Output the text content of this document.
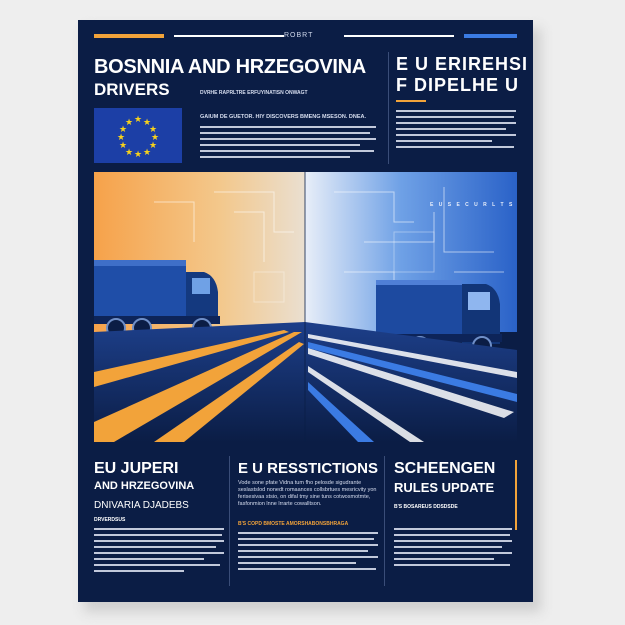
ROBRT
BOSNNIA AND HRZEGOVINA
DRIVERS	DVRHE RAPRLTRE ERFUYINATISN ONWAGT
★ ★
★
★
★
★
★
★
★
★
★
★	GAIUM DE GUETOR. HIY DISCOVERS BMENG MSESON. DNEA.
E U ERIREHSI
F DIPELHE U
E U S E C U R L T S
EU JUPERI
AND HRZEGOVINA
DNIVARIA DJADEBS
DRVERDSUS
E U RESSTICTIONS
Vode sone pfate Vidna tum fho pelosde sigudrante seslastslod nonedt romaances collsbrtues mesricvity yon ferisesivaa stsio, on difal tmy sine tuns cotwosmotmte, fasfonmion lnne lrrarte cowalltson.
B'S COPD BMOSTE AMORSHABONSBHRAGA
SCHEENGEN
RULES UPDATE
B'S BOSAREUS DDSDSDE
